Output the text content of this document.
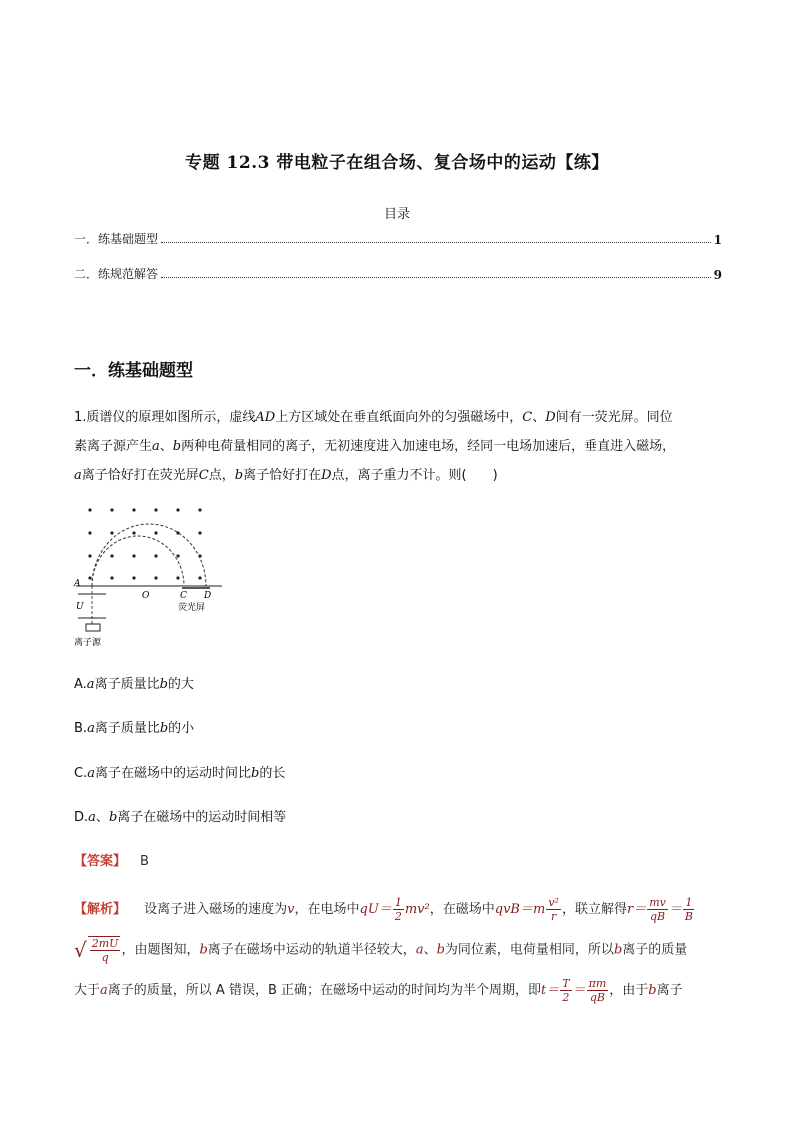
专题 12.3 带电粒子在组合场、复合场中的运动【练】
目录
一．练基础题型	1
二．练规范解答	9
一．练基础题型
1.质谱仪的原理如图所示，虚线AD上方区域处在垂直纸面向外的匀强磁场中，C、D间有一荧光屏。同位
素离子源产生a、b两种电荷量相同的离子，无初速度进入加速电场，经同一电场加速后，垂直进入磁场，
a离子恰好打在荧光屏C点，b离子恰好打在D点，离子重力不计。则(　　)
A
U
O	C D
荧光屏
离子源
A.a离子质量比b的大
B.a离子质量比b的小
C.a离子在磁场中的运动时间比b的长
D.a、b离子在磁场中的运动时间相等
【答案】 B
【解析】 设离子进入磁场的速度为v，在电场中$qU= \frac{1}{2} mv^2$，在磁场中$qvB=m \frac{\text{v²}}{r}$ ，联立解得$r= \frac{mv}{qB} = \frac{1}{B}$
√ $\frac{2mU}{q}$ ，由题图知，b离子在磁场中运动的轨道半径较大，a、b为同位素，电荷量相同，所以b离子的质量
大于a离子的质量，所以 A 错误，B 正确；在磁场中运动的时间均为半个周期，即$t= \frac{T}{2} = \frac{\pi m}{qB}$ ，由于b离子
